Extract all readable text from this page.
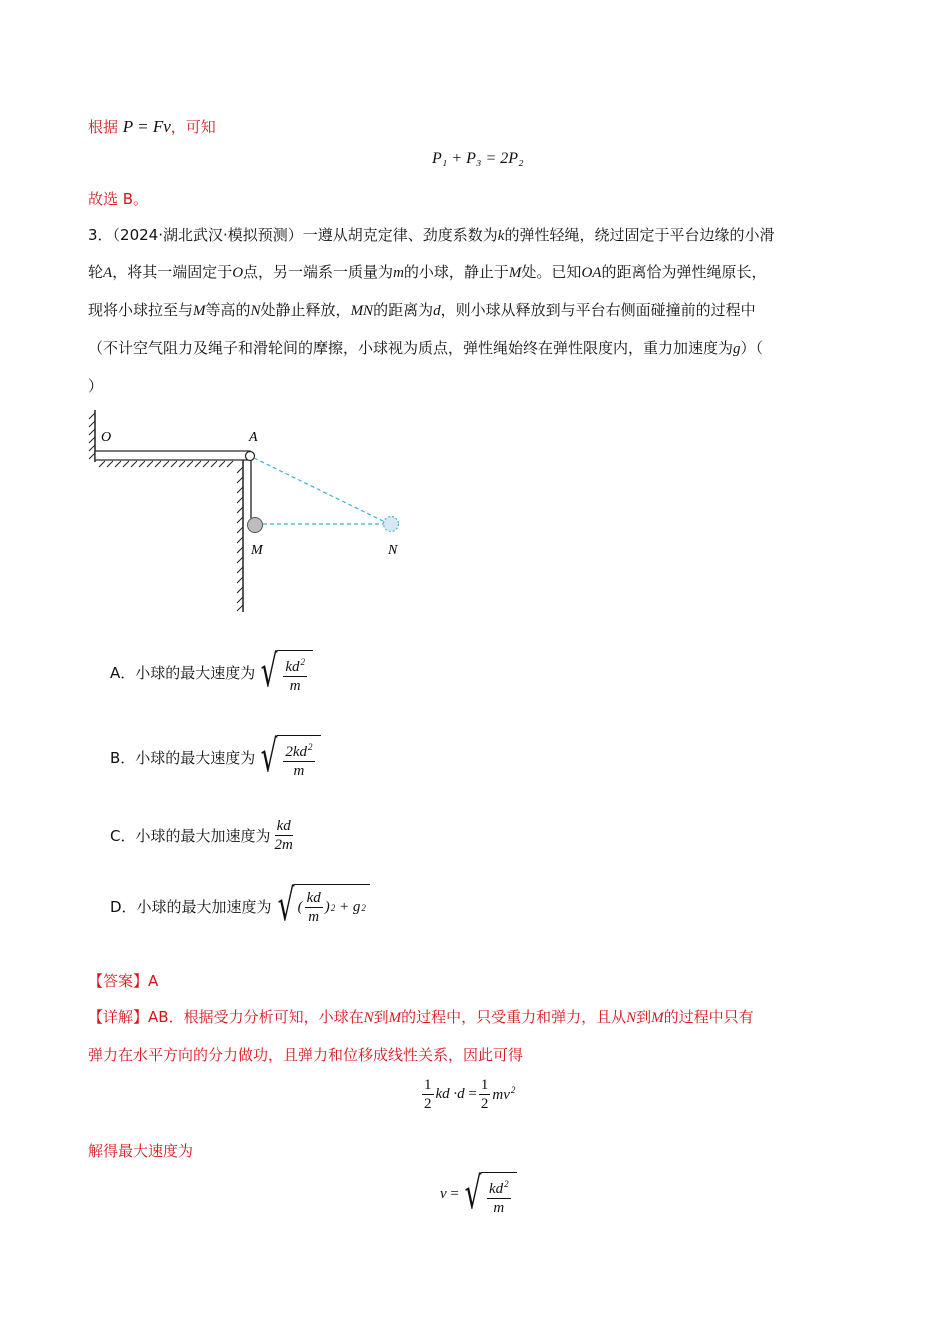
根据 P = Fv，可知
P₁ + P₃ = 2P₂
故选 B。
3．（2024·湖北武汉·模拟预测）一遵从胡克定律、劲度系数为k的弹性轻绳，绕过固定于平台边缘的小滑
轮A，将其一端固定于O点，另一端系一质量为m的小球，静止于M处。已知OA的距离恰为弹性绳原长，
现将小球拉至与M等高的N处静止释放，MN的距离为d，则小球从释放到与平台右侧面碰撞前的过程中
（不计空气阻力及绳子和滑轮间的摩擦，小球视为质点，弹性绳始终在弹性限度内，重力加速度为g）（
）
O	A
M	N
A．小球的最大速度为 √ $\frac{kd^2}{m}$
B．小球的最大速度为 √ $\frac{2kd^2}{m}$
C．小球的最大加速度为 $\frac{kd}{2m}$
D．小球的最大加速度为 √ ( $\frac{kd}{m}$ ) 2 + g 2
【答案】A
【详解】AB．根据受力分析可知，小球在N到M的过程中，只受重力和弹力，且从N到M的过程中只有
弹力在水平方向的分力做功，且弹力和位移成线性关系，因此可得
$\frac{1}{2}$ kd $\cdot d = \frac{1}{2} mv^2$
解得最大速度为
v = √ $\frac{kd^2}{m}$
